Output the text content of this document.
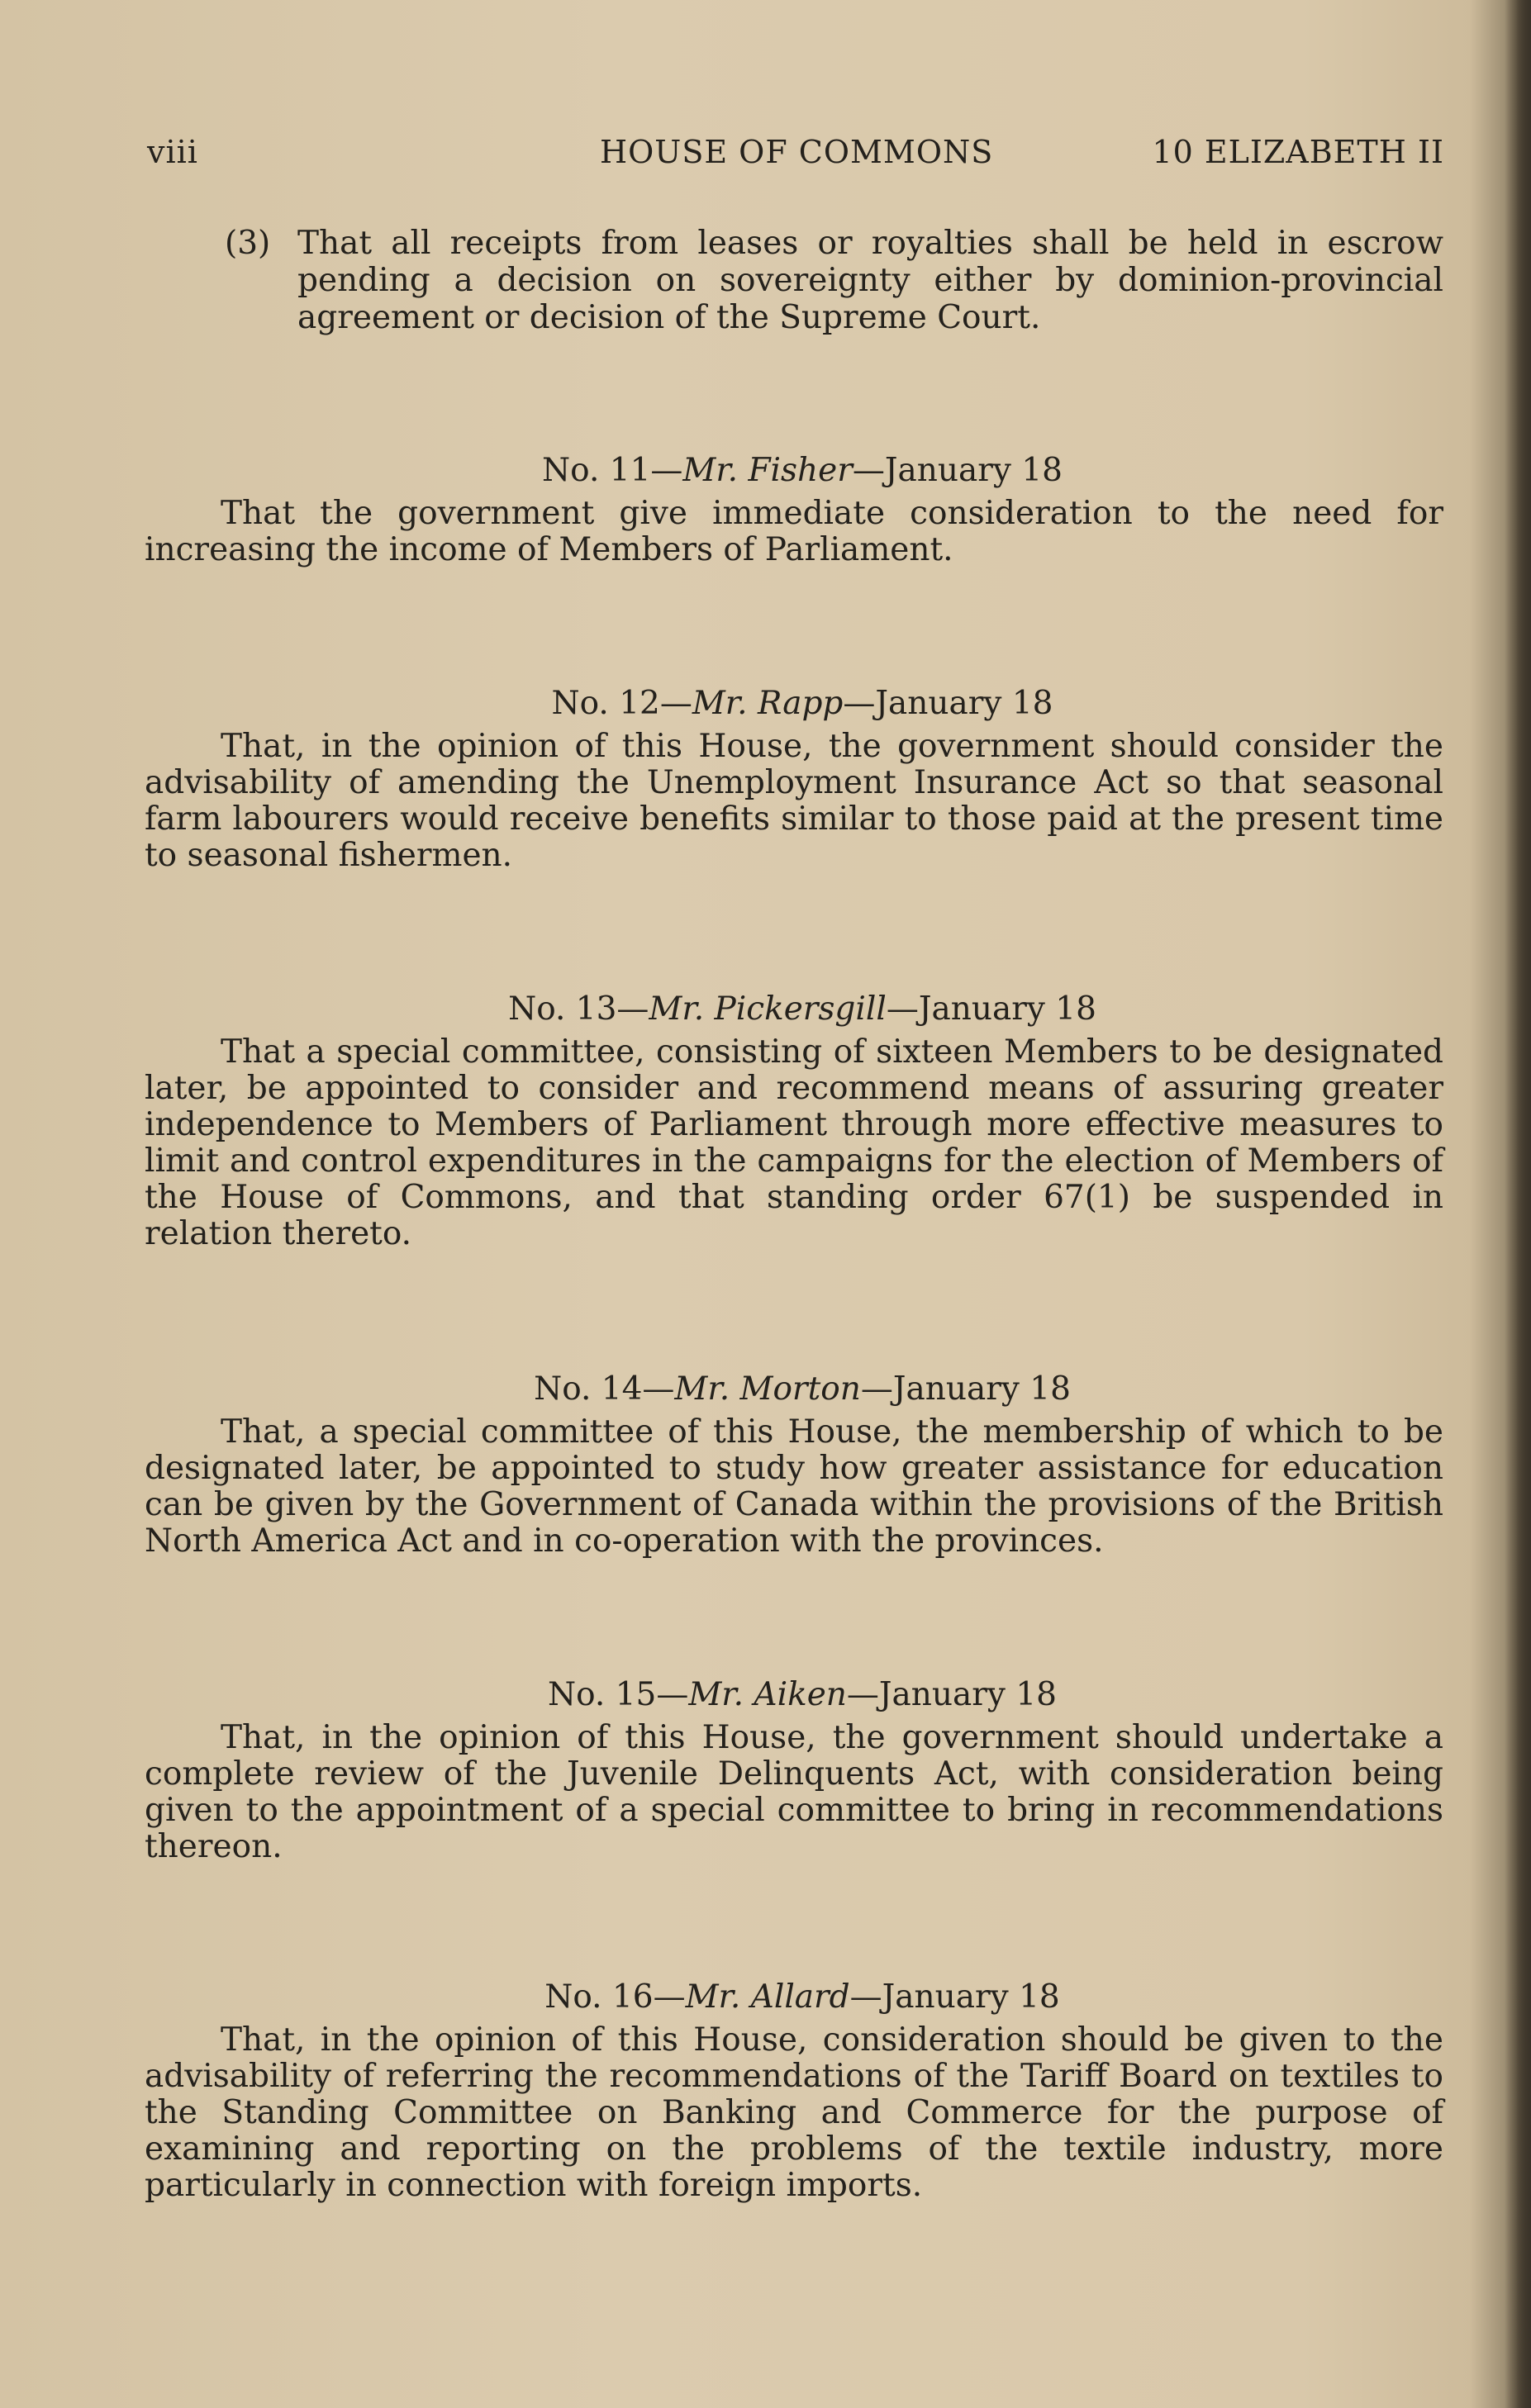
viii	HOUSE OF COMMONS	10 ELIZABETH II
(3) That all receipts from leases or royalties shall be held in escrow pending a decision on sovereignty either by dominion-provincial agreement or decision of the Supreme Court.

No. 11—Mr. Fisher—January 18

That the government give immediate consideration to the need for increasing the income of Members of Parliament.

No. 12—Mr. Rapp—January 18

That, in the opinion of this House, the government should consider the advisability of amending the Unemployment Insurance Act so that seasonal farm labourers would receive benefits similar to those paid at the present time to seasonal fishermen.

No. 13—Mr. Pickersgill—January 18

That a special committee, consisting of sixteen Members to be designated later, be appointed to consider and recommend means of assuring greater independence to Members of Parliament through more effective measures to limit and control expenditures in the campaigns for the election of Members of the House of Commons, and that standing order 67(1) be suspended in relation thereto.

No. 14—Mr. Morton—January 18

That, a special committee of this House, the membership of which to be designated later, be appointed to study how greater assistance for education can be given by the Government of Canada within the provisions of the British North America Act and in co-operation with the provinces.

No. 15—Mr. Aiken—January 18

That, in the opinion of this House, the government should undertake a complete review of the Juvenile Delinquents Act, with consideration being given to the appointment of a special committee to bring in recommendations thereon.

No. 16—Mr. Allard—January 18

That, in the opinion of this House, consideration should be given to the advisability of referring the recommendations of the Tariff Board on textiles to the Standing Committee on Banking and Commerce for the purpose of examining and reporting on the problems of the textile industry, more particularly in connection with foreign imports.
